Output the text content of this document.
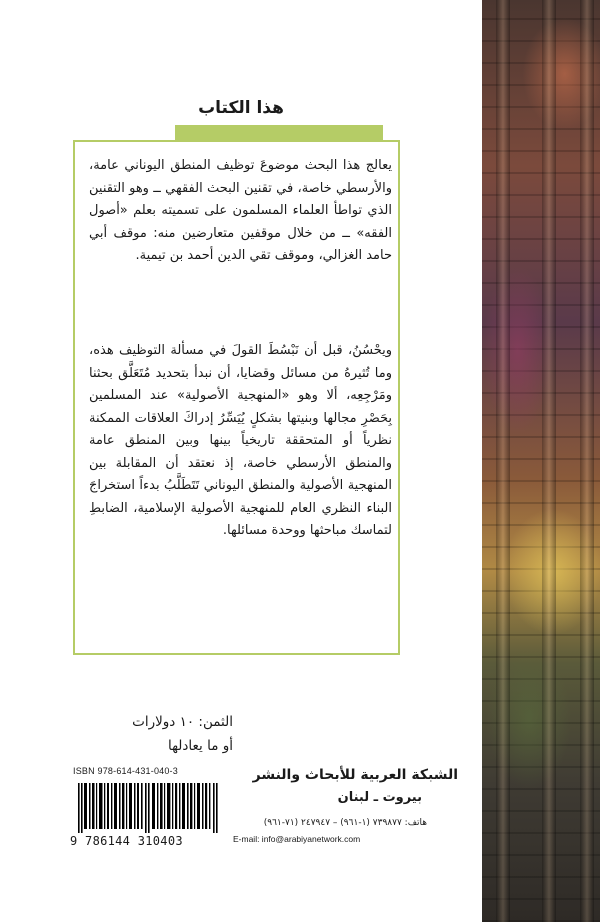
هذا الكتاب

يعالج هذا البحث موضوعَ توظيف المنطق اليوناني عامة، والأرسطي خاصة، في تقنين البحث الفقهي ــ وهو التقنين الذي تواطأ العلماء المسلمون على تسميته بعلم «أصول الفقه» ــ من خلال موقفين متعارضين منه: موقف أبي حامد الغزالي، وموقف تقي الدين أحمد بن تيمية.

ويحْسُنُ، قبل أن نَبْسُطَ القولَ في مسألة التوظيف هذه، وما تُثيرهُ من مسائل وقضايا، أن نبدأ بتحديد مُتَعَلَّق بحثنا ومَرْجِعِه، ألا وهو «المنهجية الأصولية» عند المسلمين بِحَصْرِ مجالها وبنيتها بشكلٍ يُيَسِّرُ إدراكَ العلاقات الممكنة نظرياً أو المتحققة تاريخياً بينها وبين المنطق عامة والمنطق الأرسطي خاصة، إذ نعتقد أن المقابلة بين المنهجية الأصولية والمنطق اليوناني تَتَطَلَّبُ بدءاً استخراجَ البناء النظري العام للمنهجية الأصولية الإسلامية، الضابطِ لتماسك مباحثها ووحدة مسائلها.

الثمن: ١٠ دولارات
أو ما يعادلها
ISBN 978-614-431-040-3
9 786144 310403
الشبكة العربية للأبحاث والنشر
بيروت ـ لبنان
هاتف: ٧٣٩٨٧٧ (١-٩٦١) – ٢٤٧٩٤٧ (٧١-٩٦١)
E-mail: info@arabiyanetwork.com
